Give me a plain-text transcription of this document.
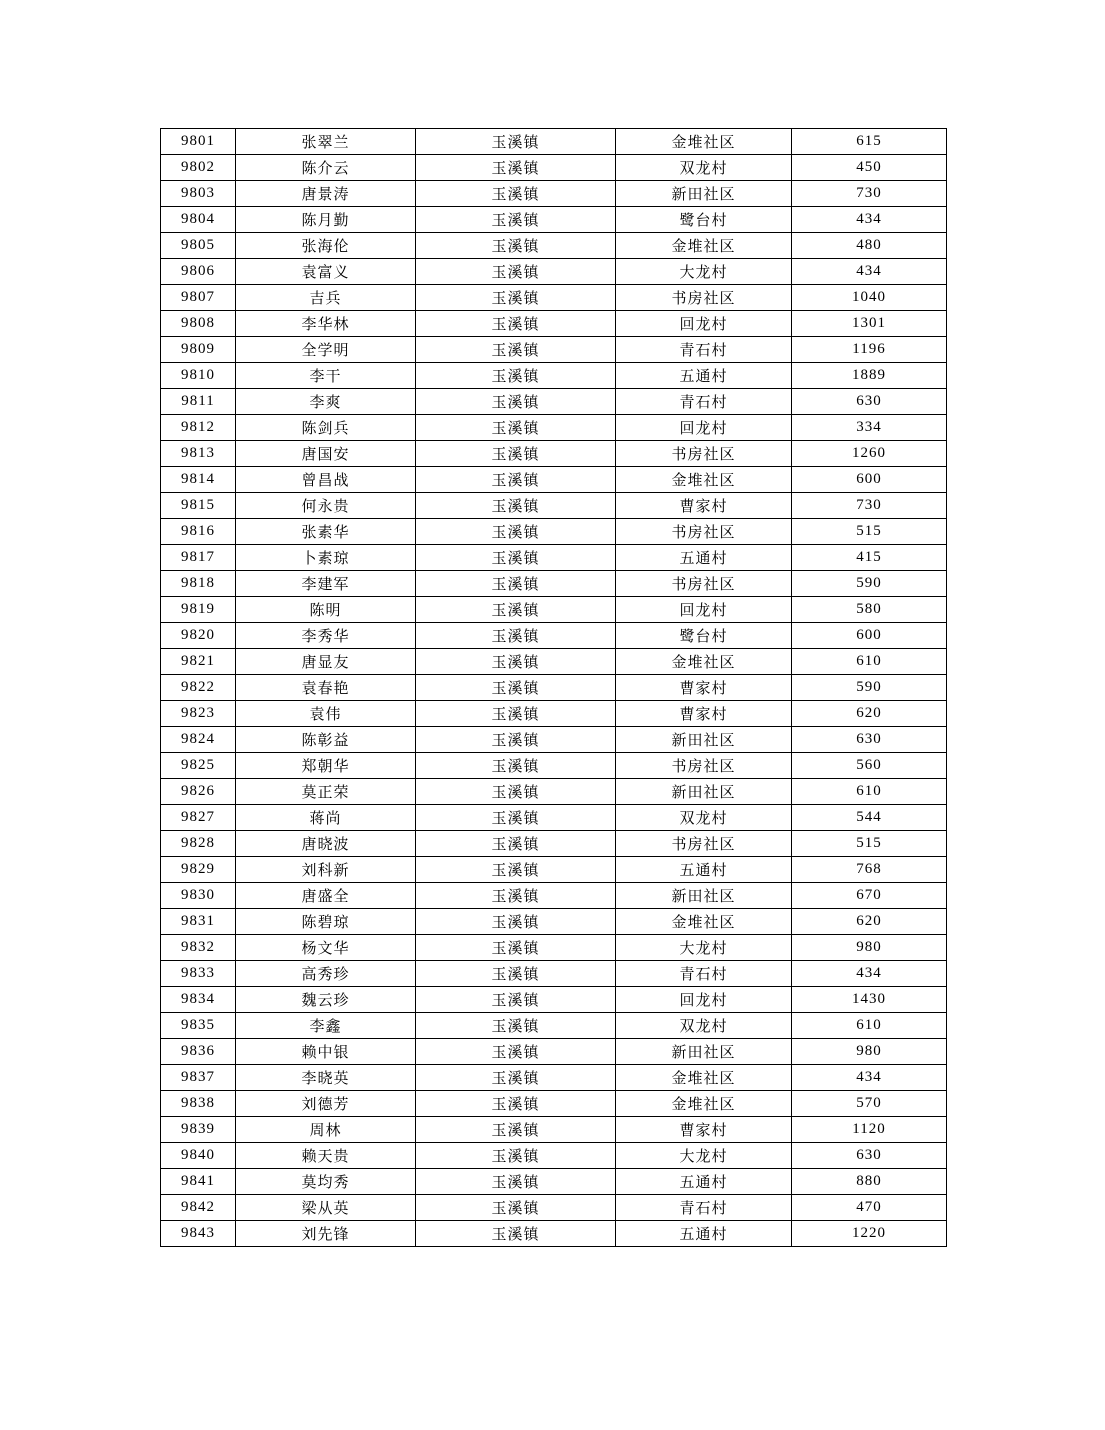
9801	张翠兰	玉溪镇	金堆社区	615
9802	陈介云	玉溪镇	双龙村	450
9803	唐景涛	玉溪镇	新田社区	730
9804	陈月勤	玉溪镇	鹭台村	434
9805	张海伦	玉溪镇	金堆社区	480
9806	袁富义	玉溪镇	大龙村	434
9807	吉兵	玉溪镇	书房社区	1040
9808	李华林	玉溪镇	回龙村	1301
9809	全学明	玉溪镇	青石村	1196
9810	李干	玉溪镇	五通村	1889
9811	李爽	玉溪镇	青石村	630
9812	陈剑兵	玉溪镇	回龙村	334
9813	唐国安	玉溪镇	书房社区	1260
9814	曾昌战	玉溪镇	金堆社区	600
9815	何永贵	玉溪镇	曹家村	730
9816	张素华	玉溪镇	书房社区	515
9817	卜素琼	玉溪镇	五通村	415
9818	李建军	玉溪镇	书房社区	590
9819	陈明	玉溪镇	回龙村	580
9820	李秀华	玉溪镇	鹭台村	600
9821	唐显友	玉溪镇	金堆社区	610
9822	袁春艳	玉溪镇	曹家村	590
9823	袁伟	玉溪镇	曹家村	620
9824	陈彰益	玉溪镇	新田社区	630
9825	郑朝华	玉溪镇	书房社区	560
9826	莫正荣	玉溪镇	新田社区	610
9827	蒋尚	玉溪镇	双龙村	544
9828	唐晓波	玉溪镇	书房社区	515
9829	刘科新	玉溪镇	五通村	768
9830	唐盛全	玉溪镇	新田社区	670
9831	陈碧琼	玉溪镇	金堆社区	620
9832	杨文华	玉溪镇	大龙村	980
9833	高秀珍	玉溪镇	青石村	434
9834	魏云珍	玉溪镇	回龙村	1430
9835	李鑫	玉溪镇	双龙村	610
9836	赖中银	玉溪镇	新田社区	980
9837	李晓英	玉溪镇	金堆社区	434
9838	刘德芳	玉溪镇	金堆社区	570
9839	周林	玉溪镇	曹家村	1120
9840	赖天贵	玉溪镇	大龙村	630
9841	莫均秀	玉溪镇	五通村	880
9842	梁从英	玉溪镇	青石村	470
9843	刘先锋	玉溪镇	五通村	1220
